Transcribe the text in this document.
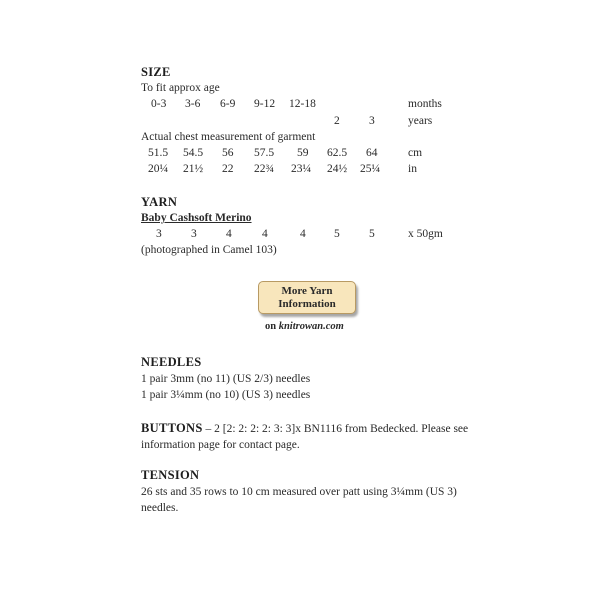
SIZE
To fit approx age
0-3 3-6 6-9 9-12 12-18	months
2	3	years
Actual chest measurement of garment
51.5 54.5 56 57.5 59 62.5 64	cm
20¼ 21½ 22 22¾ 23¼ 24½ 25¼ in
YARN
Baby Cashsoft Merino
3	3	4	4	4 5	5	x 50gm
(photographed in Camel 103)
More Yarn
Information
on knitrowan.com
NEEDLES
1 pair 3mm (no 11) (US 2/3) needles
1 pair 3¼mm (no 10) (US 3) needles
BUTTONS – 2 [2: 2: 2: 2: 3: 3]x BN1116 from Bedecked. Please see information page for contact page.
TENSION
26 sts and 35 rows to 10 cm measured over patt using 3¼mm (US 3) needles.
